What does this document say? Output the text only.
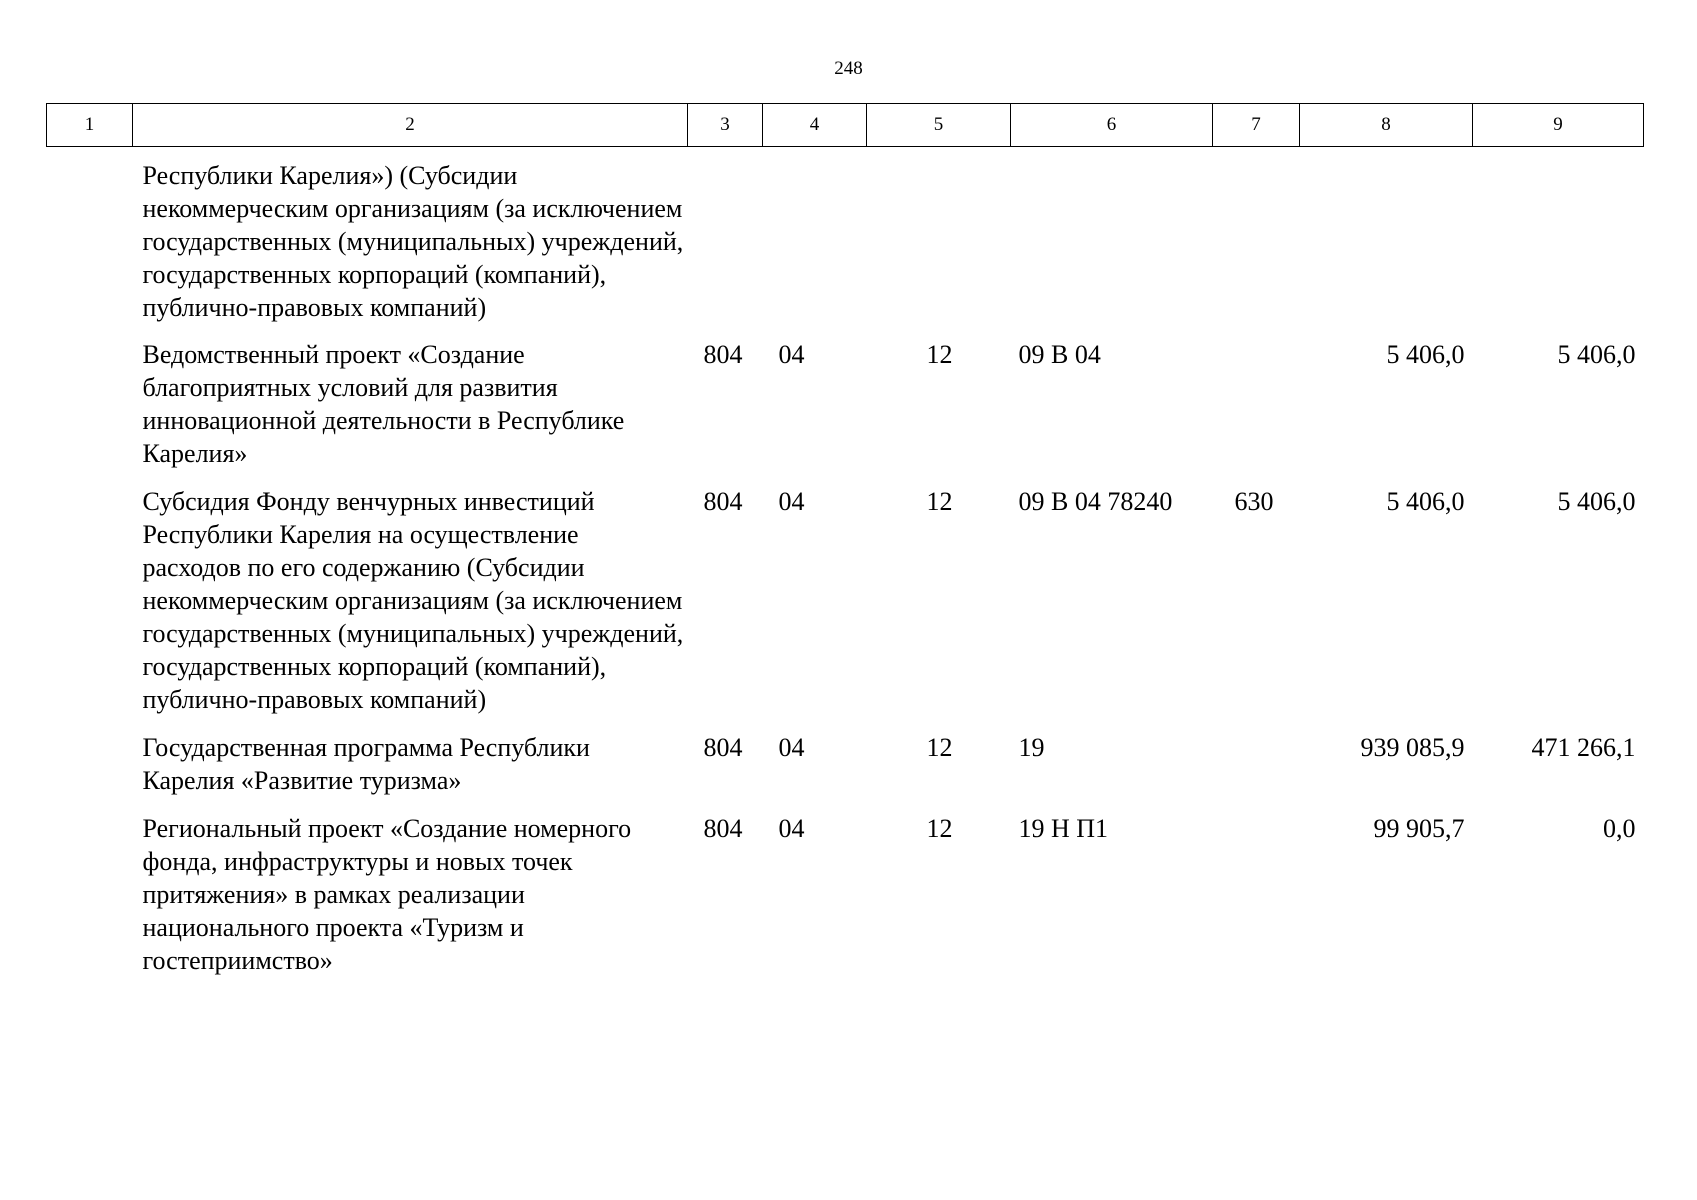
248
1	2	3	4	5	6	7	8	9
	Республики Карелия») (Субсидии некоммерческим организациям (за исключением государственных (муниципальных) учреждений, государственных корпораций (компаний), публично-правовых компаний)							
	Ведомственный проект «Создание благоприятных условий для развития инновационной деятельности в Республике Карелия»	804	04	12	09 В 04		5 406,0	5 406,0
	Субсидия Фонду венчурных инвестиций Республики Карелия на осуществление расходов по его содержанию (Субсидии некоммерческим организациям (за исключением государственных (муниципальных) учреждений, государственных корпораций (компаний), публично-правовых компаний)	804	04	12	09 В 04 78240	630	5 406,0	5 406,0
	Государственная программа Республики Карелия «Развитие туризма»	804	04	12	19		939 085,9	471 266,1
	Региональный проект «Создание номерного фонда, инфраструктуры и новых точек притяжения» в рамках реализации национального проекта «Туризм и гостеприимство»	804	04	12	19 Н П1		99 905,7	0,0
